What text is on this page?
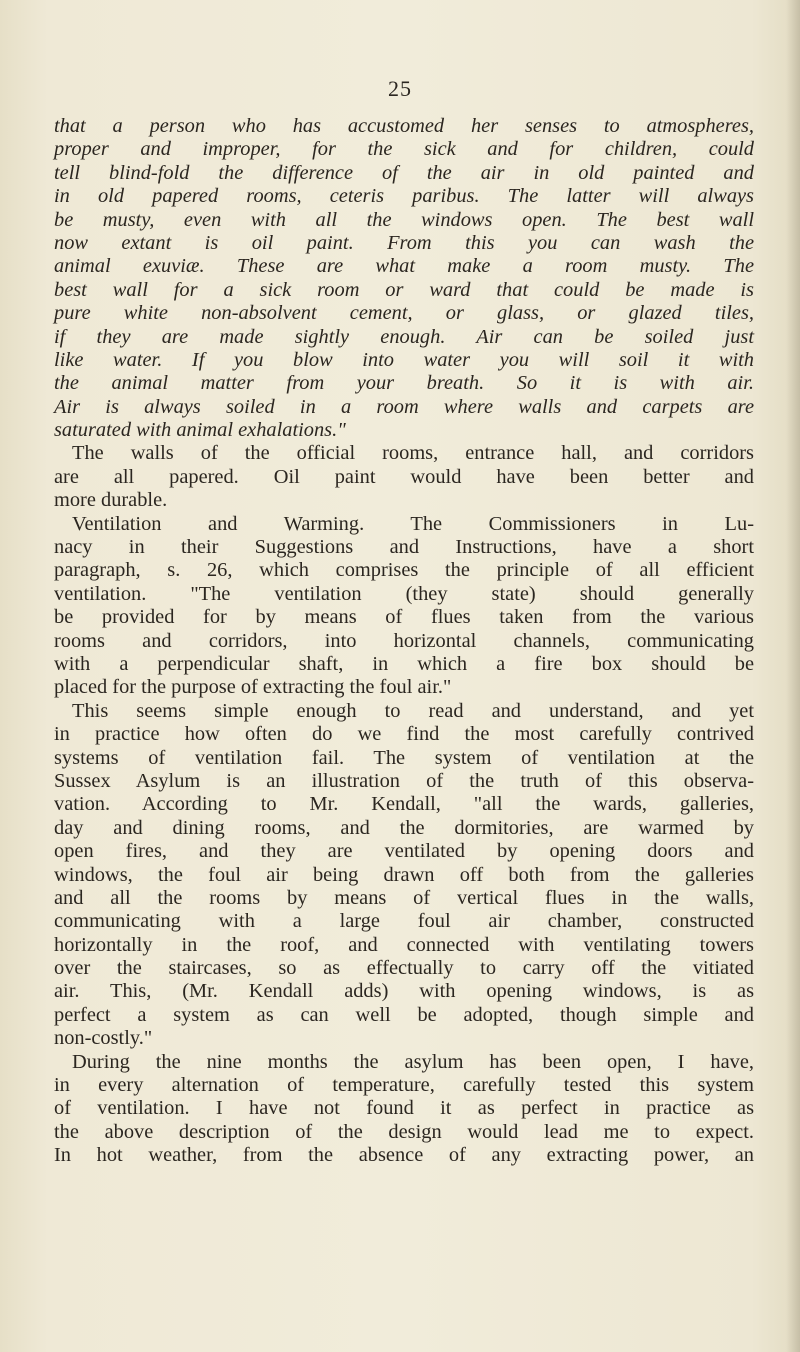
25
that a person who has accustomed her senses to atmospheres,
proper and improper, for the sick and for children, could
tell blind-fold the difference of the air in old painted and
in old papered rooms, ceteris paribus. The latter will always
be musty, even with all the windows open. The best wall
now extant is oil paint. From this you can wash the
animal exuviæ. These are what make a room musty. The
best wall for a sick room or ward that could be made is
pure white non-absolvent cement, or glass, or glazed tiles,
if they are made sightly enough. Air can be soiled just
like water. If you blow into water you will soil it with
the animal matter from your breath. So it is with air.
Air is always soiled in a room where walls and carpets are
saturated with animal exhalations."
The walls of the official rooms, entrance hall, and corridors
are all papered. Oil paint would have been better and
more durable.
Ventilation and Warming. The Commissioners in Lu-
nacy in their Suggestions and Instructions, have a short
paragraph, s. 26, which comprises the principle of all efficient
ventilation. "The ventilation (they state) should generally
be provided for by means of flues taken from the various
rooms and corridors, into horizontal channels, communicating
with a perpendicular shaft, in which a fire box should be
placed for the purpose of extracting the foul air."
This seems simple enough to read and understand, and yet
in practice how often do we find the most carefully contrived
systems of ventilation fail. The system of ventilation at the
Sussex Asylum is an illustration of the truth of this observa-
vation. According to Mr. Kendall, "all the wards, galleries,
day and dining rooms, and the dormitories, are warmed by
open fires, and they are ventilated by opening doors and
windows, the foul air being drawn off both from the galleries
and all the rooms by means of vertical flues in the walls,
communicating with a large foul air chamber, constructed
horizontally in the roof, and connected with ventilating towers
over the staircases, so as effectually to carry off the vitiated
air. This, (Mr. Kendall adds) with opening windows, is as
perfect a system as can well be adopted, though simple and
non-costly."
During the nine months the asylum has been open, I have,
in every alternation of temperature, carefully tested this system
of ventilation. I have not found it as perfect in practice as
the above description of the design would lead me to expect.
In hot weather, from the absence of any extracting power, an
